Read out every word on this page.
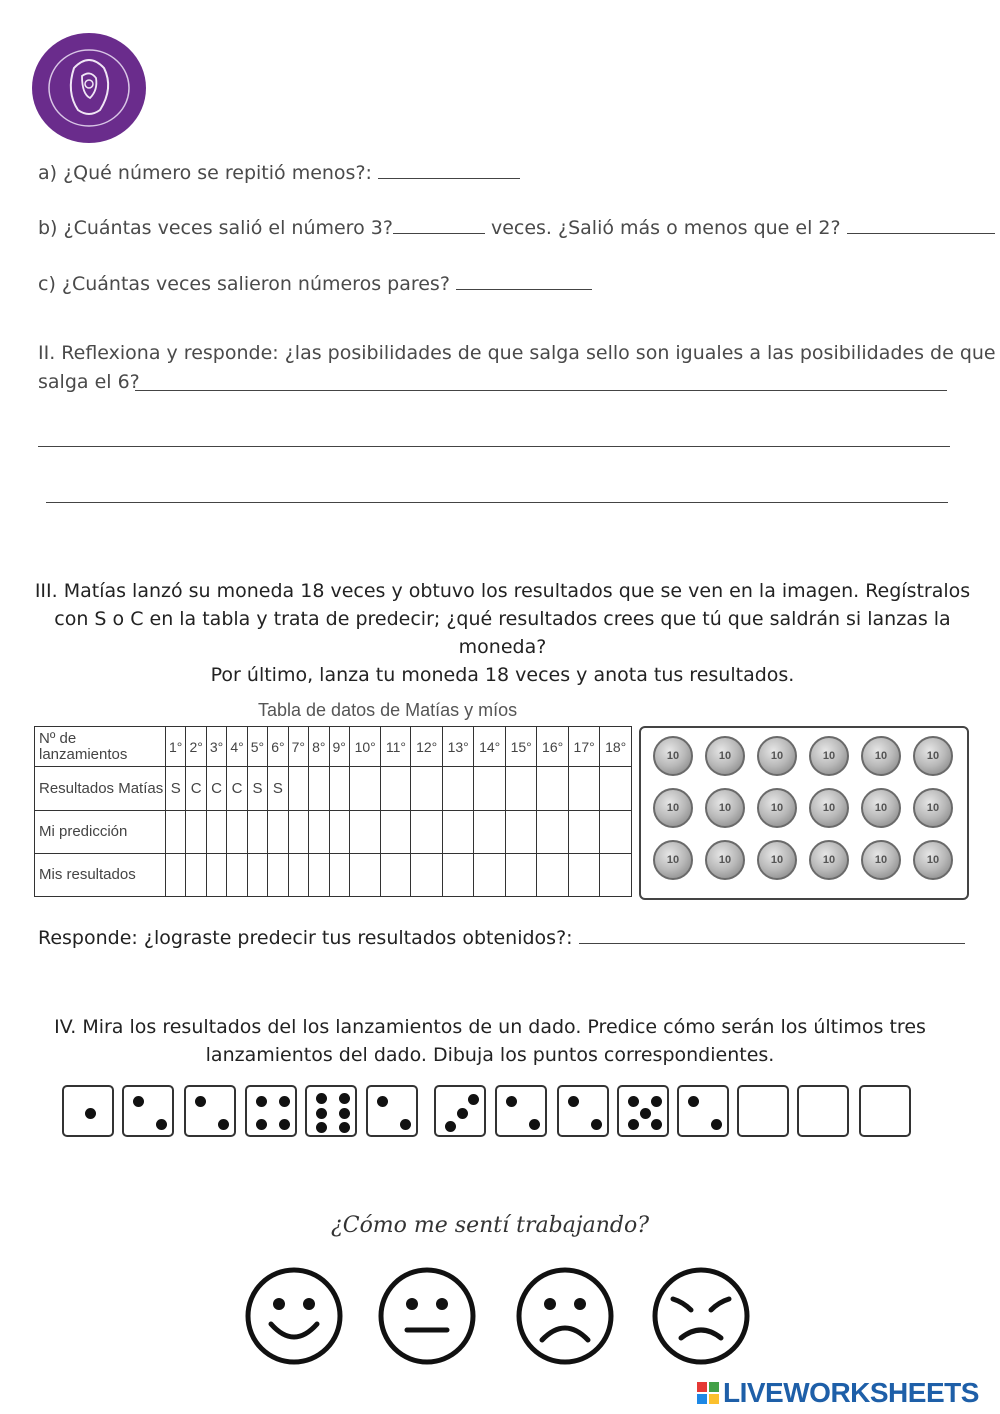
a) ¿Qué número se repitió menos?:
b) ¿Cuántas veces salió el número 3?	veces. ¿Salió más o menos que el 2?
c) ¿Cuántas veces salieron números pares?
II. Reflexiona y responde: ¿las posibilidades de que salga sello son iguales a las posibilidades de que
salga el 6?
III. Matías lanzó su moneda 18 veces y obtuvo los resultados que se ven en la imagen. Regístralos
con S o C en la tabla y trata de predecir; ¿qué resultados crees que tú que saldrán si lanzas la
moneda?
Por último, lanza tu moneda 18 veces y anota tus resultados.
Tabla de datos de Matías y míos
Nº de lanzamientos	1°	2°	3°	4°	5°	6°	7°	8°	9°	10°	11°	12°	13°	14°	15°	16°	17°	18°
Resultados Matías	S	C	C	C	S	S												
Mi predicción																		
Mis resultados																		
10	10	10	10	10	10
10	10	10	10	10	10
10	10	10	10	10	10
Responde: ¿lograste predecir tus resultados obtenidos?:
IV. Mira los resultados del los lanzamientos de un dado. Predice cómo serán los últimos tres
lanzamientos del dado. Dibuja los puntos correspondientes.
¿Cómo me sentí trabajando?
LIVEWORKSHEETS
